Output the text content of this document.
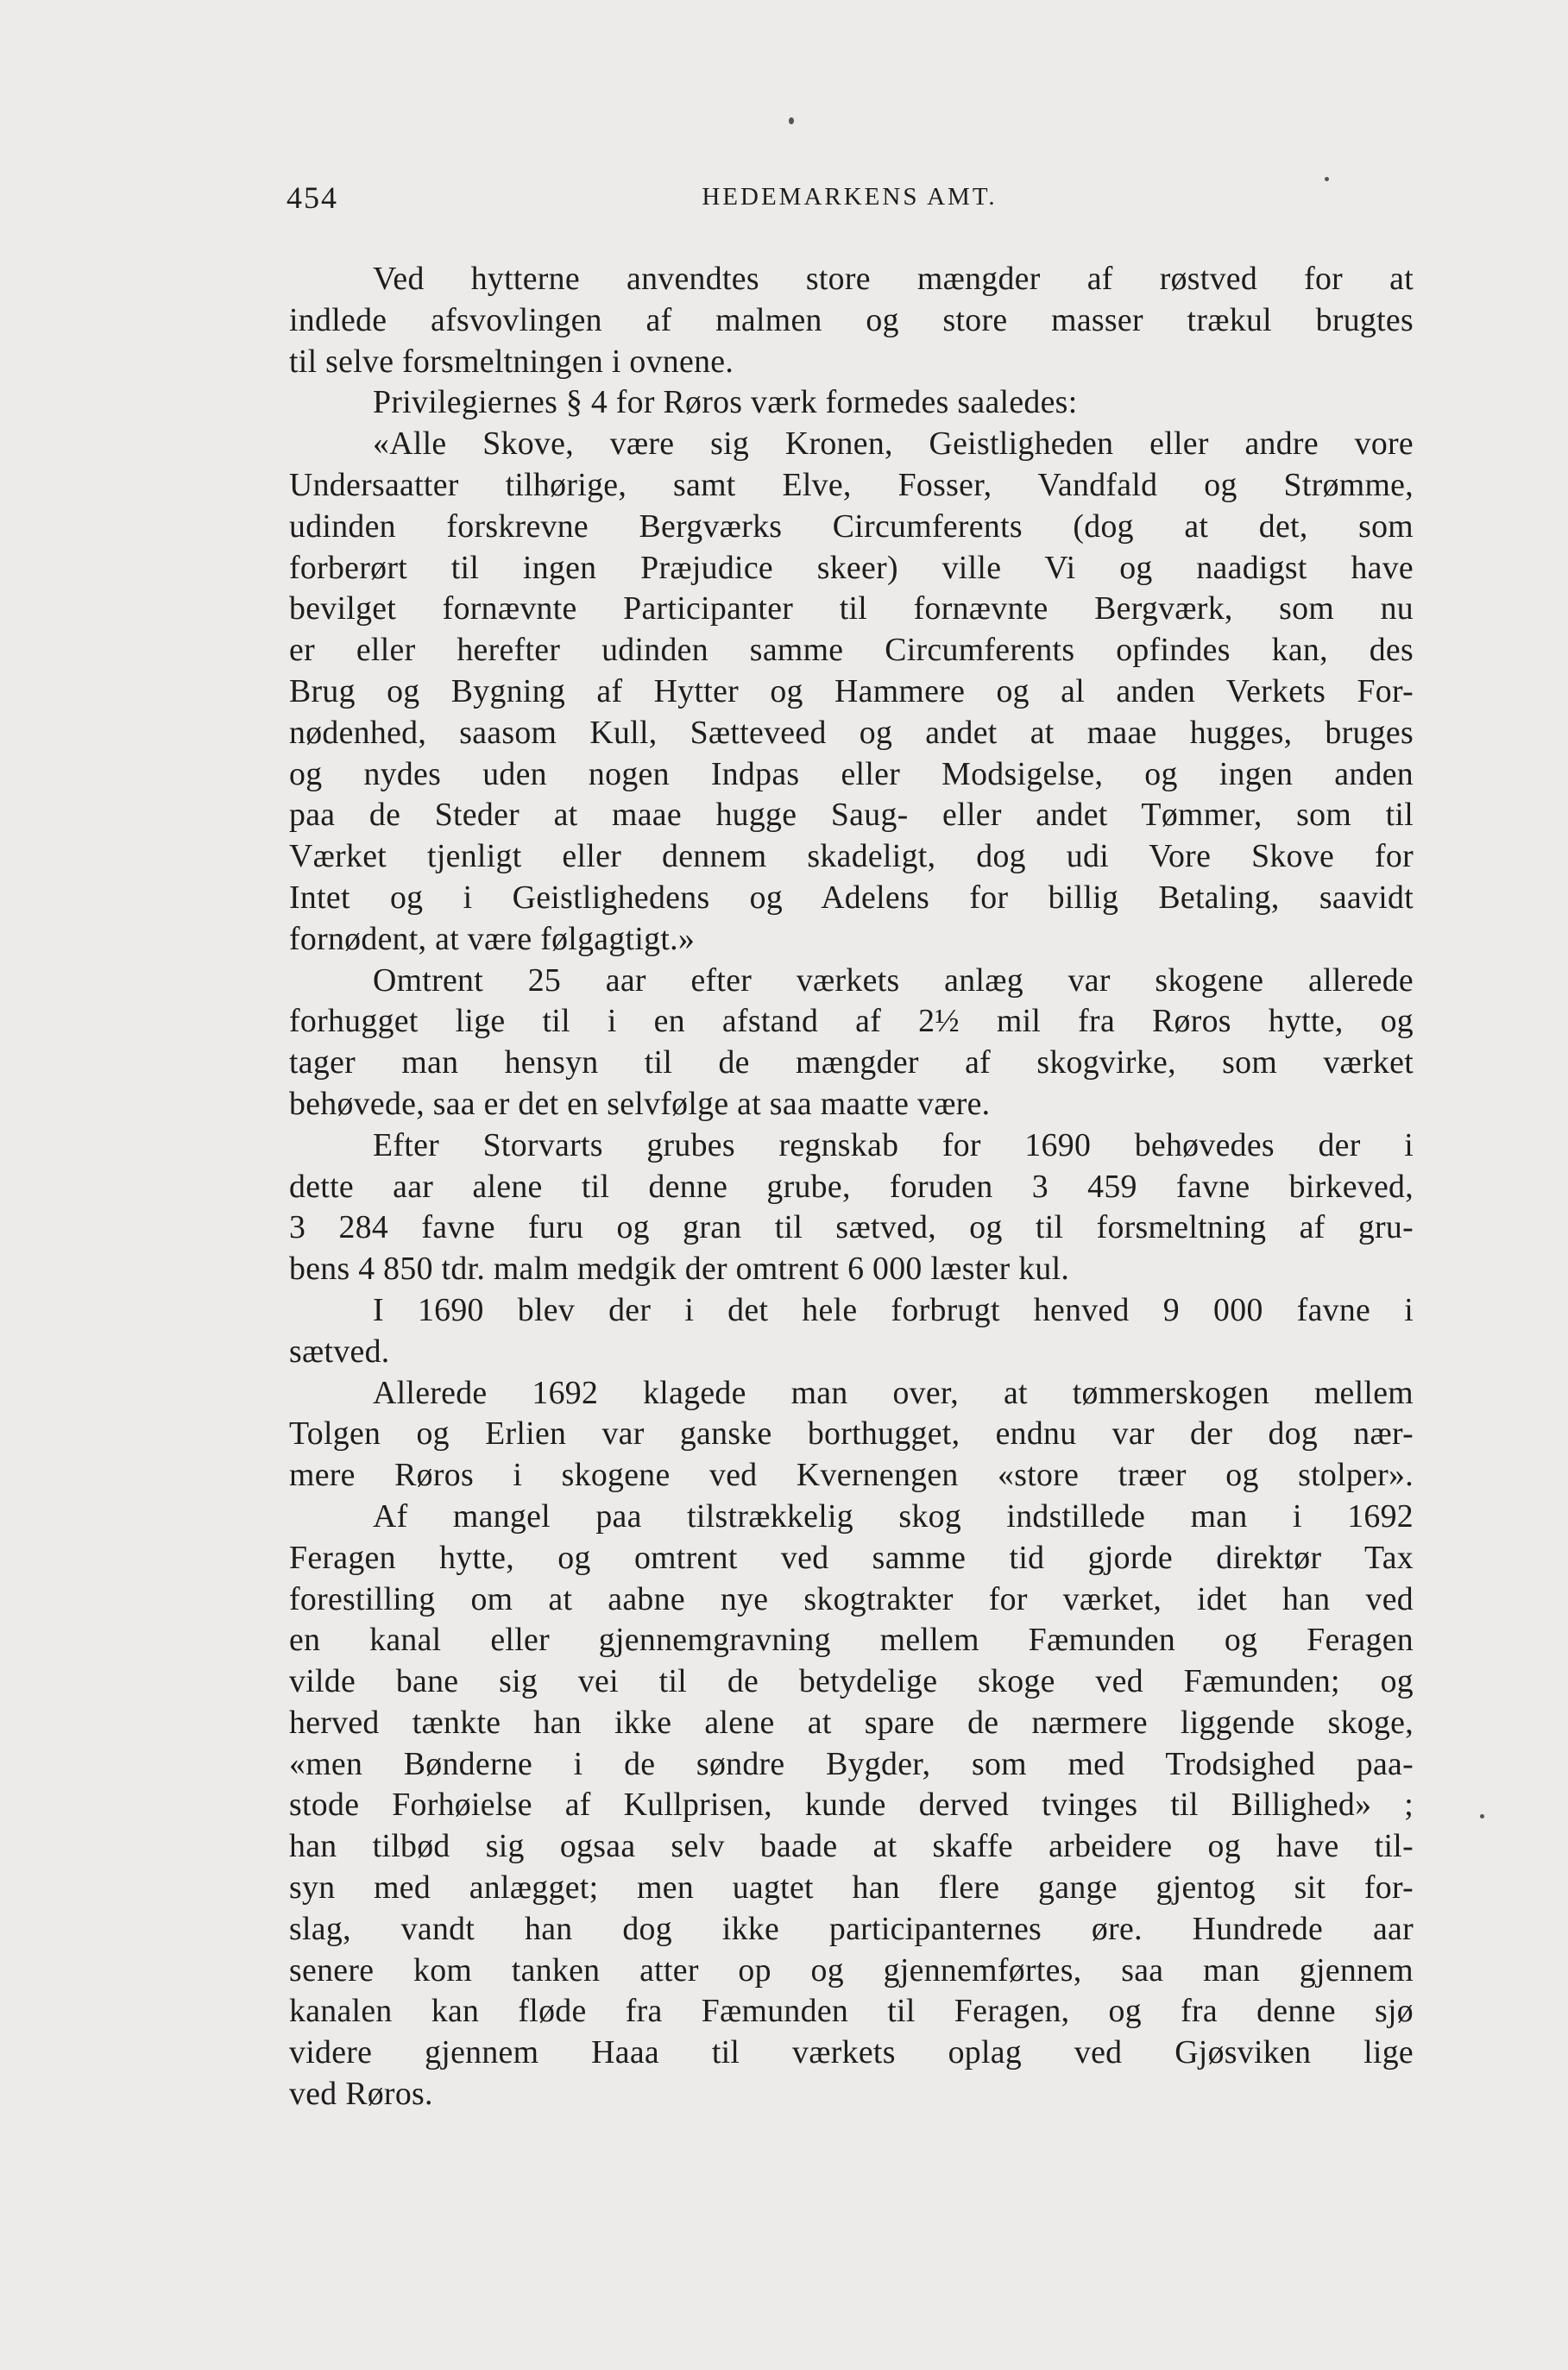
454	HEDEMARKENS AMT.
Ved hytterne anvendtes store mængder af røstved for at
indlede afsvovlingen af malmen og store masser trækul brugtes
til selve forsmeltningen i ovnene.
Privilegiernes § 4 for Røros værk formedes saaledes:
«Alle Skove, være sig Kronen, Geistligheden eller andre vore
Undersaatter tilhørige, samt Elve, Fosser, Vandfald og Strømme,
udinden forskrevne Bergværks Circumferents (dog at det, som
forberørt til ingen Præjudice skeer) ville Vi og naadigst have
bevilget fornævnte Participanter til fornævnte Bergværk, som nu
er eller herefter udinden samme Circumferents opfindes kan, des
Brug og Bygning af Hytter og Hammere og al anden Verkets For-
nødenhed, saasom Kull, Sætteveed og andet at maae hugges, bruges
og nydes uden nogen Indpas eller Modsigelse, og ingen anden
paa de Steder at maae hugge Saug- eller andet Tømmer, som til
Værket tjenligt eller dennem skadeligt, dog udi Vore Skove for
Intet og i Geistlighedens og Adelens for billig Betaling, saavidt
fornødent, at være følgagtigt.»
Omtrent 25 aar efter værkets anlæg var skogene allerede
forhugget lige til i en afstand af 2½ mil fra Røros hytte, og
tager man hensyn til de mængder af skogvirke, som værket
behøvede, saa er det en selvfølge at saa maatte være.
Efter Storvarts grubes regnskab for 1690 behøvedes der i
dette aar alene til denne grube, foruden 3 459 favne birkeved,
3 284 favne furu og gran til sætved, og til forsmeltning af gru-
bens 4 850 tdr. malm medgik der omtrent 6 000 læster kul.
I 1690 blev der i det hele forbrugt henved 9 000 favne i
sætved.
Allerede 1692 klagede man over, at tømmerskogen mellem
Tolgen og Erlien var ganske borthugget, endnu var der dog nær-
mere Røros i skogene ved Kvernengen «store træer og stolper».
Af mangel paa tilstrækkelig skog indstillede man i 1692
Feragen hytte, og omtrent ved samme tid gjorde direktør Tax
forestilling om at aabne nye skogtrakter for værket, idet han ved
en kanal eller gjennemgravning mellem Fæmunden og Feragen
vilde bane sig vei til de betydelige skoge ved Fæmunden; og
herved tænkte han ikke alene at spare de nærmere liggende skoge,
«men Bønderne i de søndre Bygder, som med Trodsighed paa-
stode Forhøielse af Kullprisen, kunde derved tvinges til Billighed» ;
han tilbød sig ogsaa selv baade at skaffe arbeidere og have til-
syn med anlægget; men uagtet han flere gange gjentog sit for-
slag, vandt han dog ikke participanternes øre. Hundrede aar
senere kom tanken atter op og gjennemførtes, saa man gjennem
kanalen kan fløde fra Fæmunden til Feragen, og fra denne sjø
videre gjennem Haaa til værkets oplag ved Gjøsviken lige
ved Røros.
